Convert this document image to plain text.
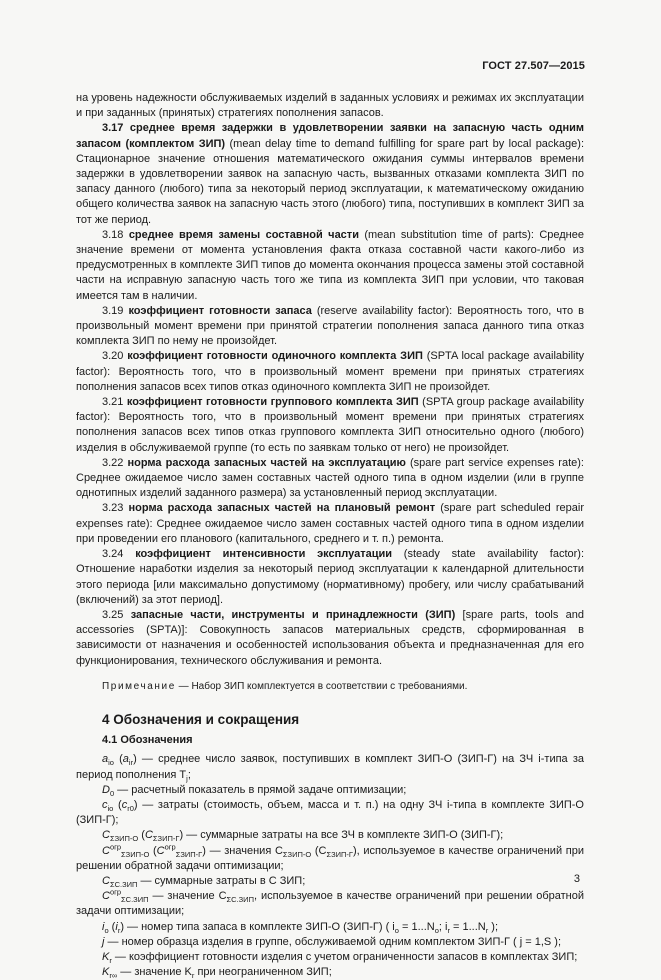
ГОСТ 27.507—2015

на уровень надежности обслуживаемых изделий в заданных условиях и режимах их эксплуатации и при заданных (принятых) стратегиях пополнения запасов.

3.17 среднее время задержки в удовлетворении заявки на запасную часть одним запасом (комплектом ЗИП) (mean delay time to demand fulfilling for spare part by local package): Стационарное значение отношения математического ожидания суммы интервалов времени задержки в удовлетворении заявок на запасную часть, вызванных отказами комплекта ЗИП по запасу данного (любого) типа за некоторый период эксплуатации, к математическому ожиданию общего количества заявок на запасную часть этого (любого) типа, поступивших в комплект ЗИП за тот же период.

3.18 среднее время замены составной части (mean substitution time of parts): Среднее значение времени от момента установления факта отказа составной части какого-либо из предусмотренных в комплекте ЗИП типов до момента окончания процесса замены этой составной части на исправную запасную часть того же типа из комплекта ЗИП при условии, что таковая имеется там в наличии.

3.19 коэффициент готовности запаса (reserve availability factor): Вероятность того, что в произвольный момент времени при принятой стратегии пополнения запаса данного типа отказ комплекта ЗИП по нему не произойдет.

3.20 коэффициент готовности одиночного комплекта ЗИП (SPTA local package availability factor): Вероятность того, что в произвольный момент времени при принятых стратегиях пополнения запасов всех типов отказ одиночного комплекта ЗИП не произойдет.

3.21 коэффициент готовности группового комплекта ЗИП (SPTA group package availability factor): Вероятность того, что в произвольный момент времени при принятых стратегиях пополнения запасов всех типов отказ группового комплекта ЗИП относительно одного (любого) изделия в обслуживаемой группе (то есть по заявкам только от него) не произойдет.

3.22 норма расхода запасных частей на эксплуатацию (spare part service expenses rate): Среднее ожидаемое число замен составных частей одного типа в одном изделии (или в группе однотипных изделий заданного размера) за установленный период эксплуатации.

3.23 норма расхода запасных частей на плановый ремонт (spare part scheduled repair expenses rate): Среднее ожидаемое число замен составных частей одного типа в одном изделии при проведении его планового (капитального, среднего и т. п.) ремонта.

3.24 коэффициент интенсивности эксплуатации (steady state availability factor): Отношение наработки изделия за некоторый период эксплуатации к календарной длительности этого периода [или максимально допустимому (нормативному) пробегу, или числу срабатываний (включений) за этот период].

3.25 запасные части, инструменты и принадлежности (ЗИП) [spare parts, tools and accessories (SPTA)]: Совокупность запасов материальных средств, сформированная в зависимости от назначения и особенностей использования объекта и предназначенная для его функционирования, технического обслуживания и ремонта.

Примечание — Набор ЗИП комплектуется в соответствии с требованиями.

4 Обозначения и сокращения

4.1 Обозначения

$a_{io}$ $(a_{ir})$ — среднее число заявок, поступивших в комплект ЗИП-О (ЗИП-Г) на ЗЧ i-типа за период пополнения $T_j$;

$D_0$ — расчетный показатель в прямой задаче оптимизации;

$c_{io}$ $(c_{r0})$ — затраты (стоимость, объем, масса и т. п.) на одну ЗЧ i-типа в комплекте ЗИП-О (ЗИП-Г);

$C_{\Sigma ЗИП-О}$ $(C_{\Sigma ЗИП-Г})$ — суммарные затраты на все ЗЧ в комплекте ЗИП-О (ЗИП-Г);

$C^{огр}_{\Sigma ЗИП-О}$ $(C^{огр}_{\Sigma ЗИП-Г})$ — значения $C_{\Sigma ЗИП-О}$ $(C_{\Sigma ЗИП-Г})$, используемое в качестве ограничений при решении обратной задачи оптимизации;

$C_{\Sigma С.ЗИП}$ — суммарные затраты в С ЗИП;

$C^{огр}_{\Sigma С.ЗИП}$ — значение $C_{\Sigma С.ЗИП}$, используемое в качестве ограничений при решении обратной задачи оптимизации;

$i_o$ $(i_r)$ — номер типа запаса в комплекте ЗИП-О (ЗИП-Г) ( $i_o = 1...N_o$; $i_r = 1...N_r$ );

j — номер образца изделия в группе, обслуживаемой одним комплектом ЗИП-Г ( j = 1,S );

$K_r$ — коэффициент готовности изделия с учетом ограниченности запасов в комплектах ЗИП;

$K_{r\infty}$ — значение $K_r$ при неограниченном ЗИП;

3
